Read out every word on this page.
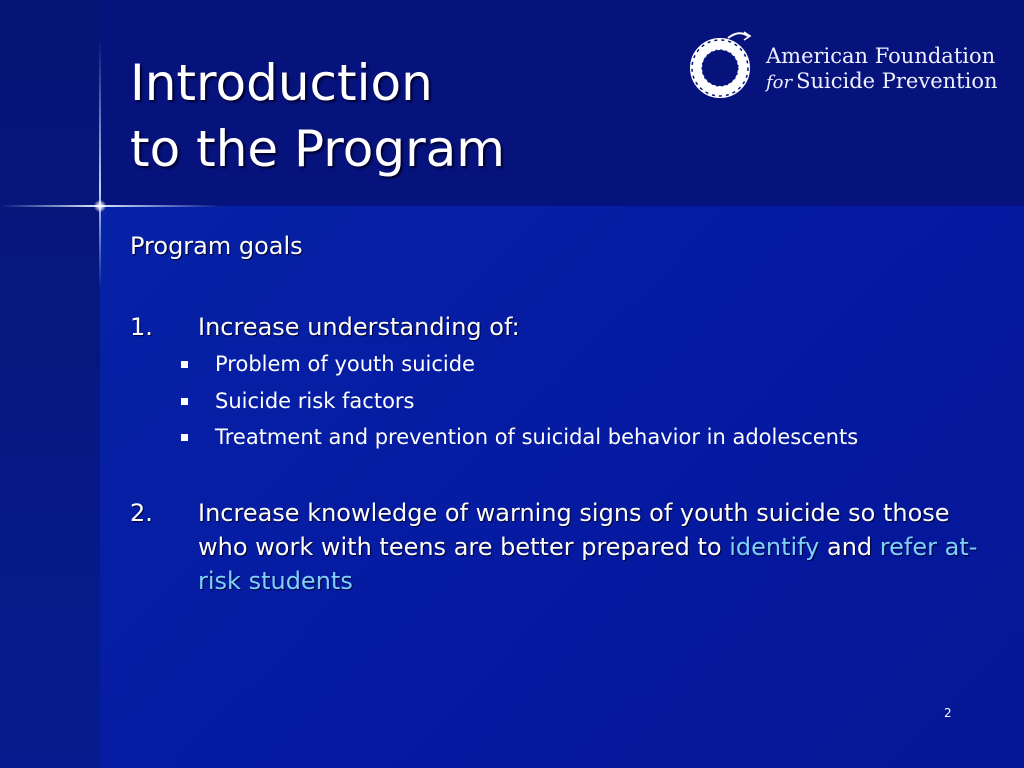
Introduction
to the Program
American Foundation
for Suicide Prevention

Program goals

1. Increase understanding of:
Problem of youth suicide
Suicide risk factors
Treatment and prevention of suicidal behavior in adolescents
2. Increase knowledge of warning signs of youth suicide so those who work with teens are better prepared to identify and refer at-risk students
2
